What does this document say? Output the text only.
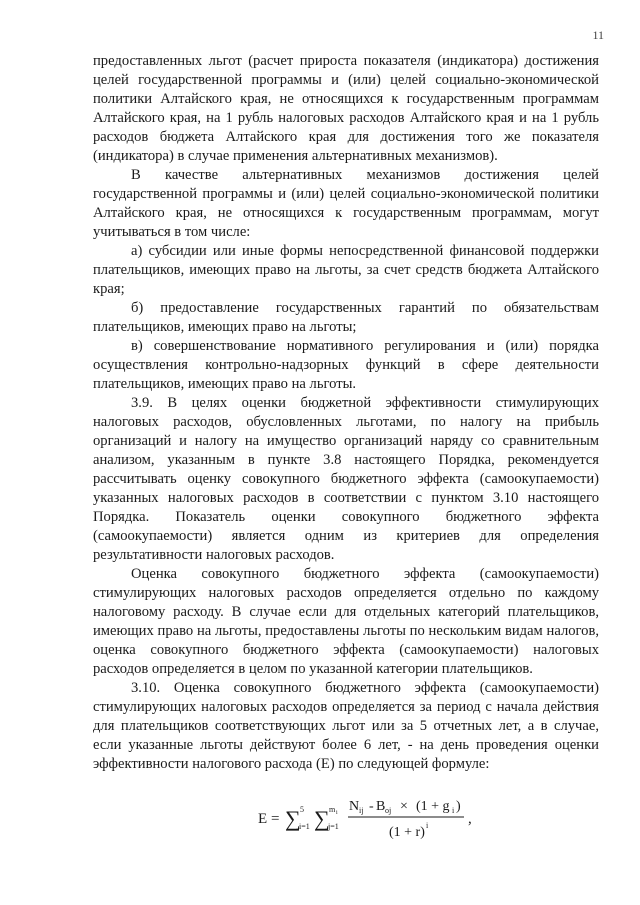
11

предоставленных льгот (расчет прироста показателя (индикатора) достижения целей государственной программы и (или) целей социально-экономической политики Алтайского края, не относящихся к государственным программам Алтайского края, на 1 рубль налоговых расходов Алтайского края и на 1 рубль расходов бюджета Алтайского края для достижения того же показателя (индикатора) в случае применения альтернативных механизмов).

В качестве альтернативных механизмов достижения целей государственной программы и (или) целей социально-экономической политики Алтайского края, не относящихся к государственным программам, могут учитываться в том числе:

а) субсидии или иные формы непосредственной финансовой поддержки плательщиков, имеющих право на льготы, за счет средств бюджета Алтайского края;

б) предоставление государственных гарантий по обязательствам плательщиков, имеющих право на льготы;

в) совершенствование нормативного регулирования и (или) порядка осуществления контрольно-надзорных функций в сфере деятельности плательщиков, имеющих право на льготы.

3.9. В целях оценки бюджетной эффективности стимулирующих налоговых расходов, обусловленных льготами, по налогу на прибыль организаций и налогу на имущество организаций наряду со сравнительным анализом, указанным в пункте 3.8 настоящего Порядка, рекомендуется рассчитывать оценку совокупного бюджетного эффекта (самоокупаемости) указанных налоговых расходов в соответствии с пунктом 3.10 настоящего Порядка. Показатель оценки совокупного бюджетного эффекта (самоокупаемости) является одним из критериев для определения результативности налоговых расходов.

Оценка совокупного бюджетного эффекта (самоокупаемости) стимулирующих налоговых расходов определяется отдельно по каждому налоговому расходу. В случае если для отдельных категорий плательщиков, имеющих право на льготы, предоставлены льготы по нескольким видам налогов, оценка совокупного бюджетного эффекта (самоокупаемости) налоговых расходов определяется в целом по указанной категории плательщиков.

3.10. Оценка совокупного бюджетного эффекта (самоокупаемости) стимулирующих налоговых расходов определяется за период с начала действия для плательщиков соответствующих льгот или за 5 отчетных лет, а в случае, если указанные льготы действуют более 6 лет, - на день проведения оценки эффективности налогового расхода (E) по следующей формуле:

E = ∑ 5
i=1 ∑ m i
j=1
N ij - B oj × (1 + g i )
(1 + r) i	,
